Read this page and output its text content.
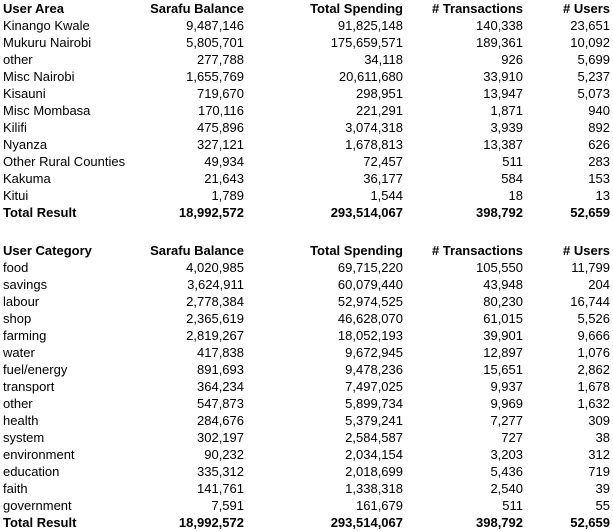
User Area	Sarafu Balance	Total Spending	# Transactions	# Users
Kinango Kwale	9,487,146	91,825,148	140,338	23,651
Mukuru Nairobi	5,805,701	175,659,571	189,361	10,092
other	277,788	34,118	926	5,699
Misc Nairobi	1,655,769	20,611,680	33,910	5,237
Kisauni	719,670	298,951	13,947	5,073
Misc Mombasa	170,116	221,291	1,871	940
Kilifi	475,896	3,074,318	3,939	892
Nyanza	327,121	1,678,813	13,387	626
Other Rural Counties	49,934	72,457	511	283
Kakuma	21,643	36,177	584	153
Kitui	1,789	1,544	18	13
Total Result	18,992,572	293,514,067	398,792	52,659

User Category	Sarafu Balance	Total Spending	# Transactions	# Users
food	4,020,985	69,715,220	105,550	11,799
savings	3,624,911	60,079,440	43,948	204
labour	2,778,384	52,974,525	80,230	16,744
shop	2,365,619	46,628,070	61,015	5,526
farming	2,819,267	18,052,193	39,901	9,666
water	417,838	9,672,945	12,897	1,076
fuel/energy	891,693	9,478,236	15,651	2,862
transport	364,234	7,497,025	9,937	1,678
other	547,873	5,899,734	9,969	1,632
health	284,676	5,379,241	7,277	309
system	302,197	2,584,587	727	38
environment	90,232	2,034,154	3,203	312
education	335,312	2,018,699	5,436	719
faith	141,761	1,338,318	2,540	39
government	7,591	161,679	511	55
Total Result	18,992,572	293,514,067	398,792	52,659
